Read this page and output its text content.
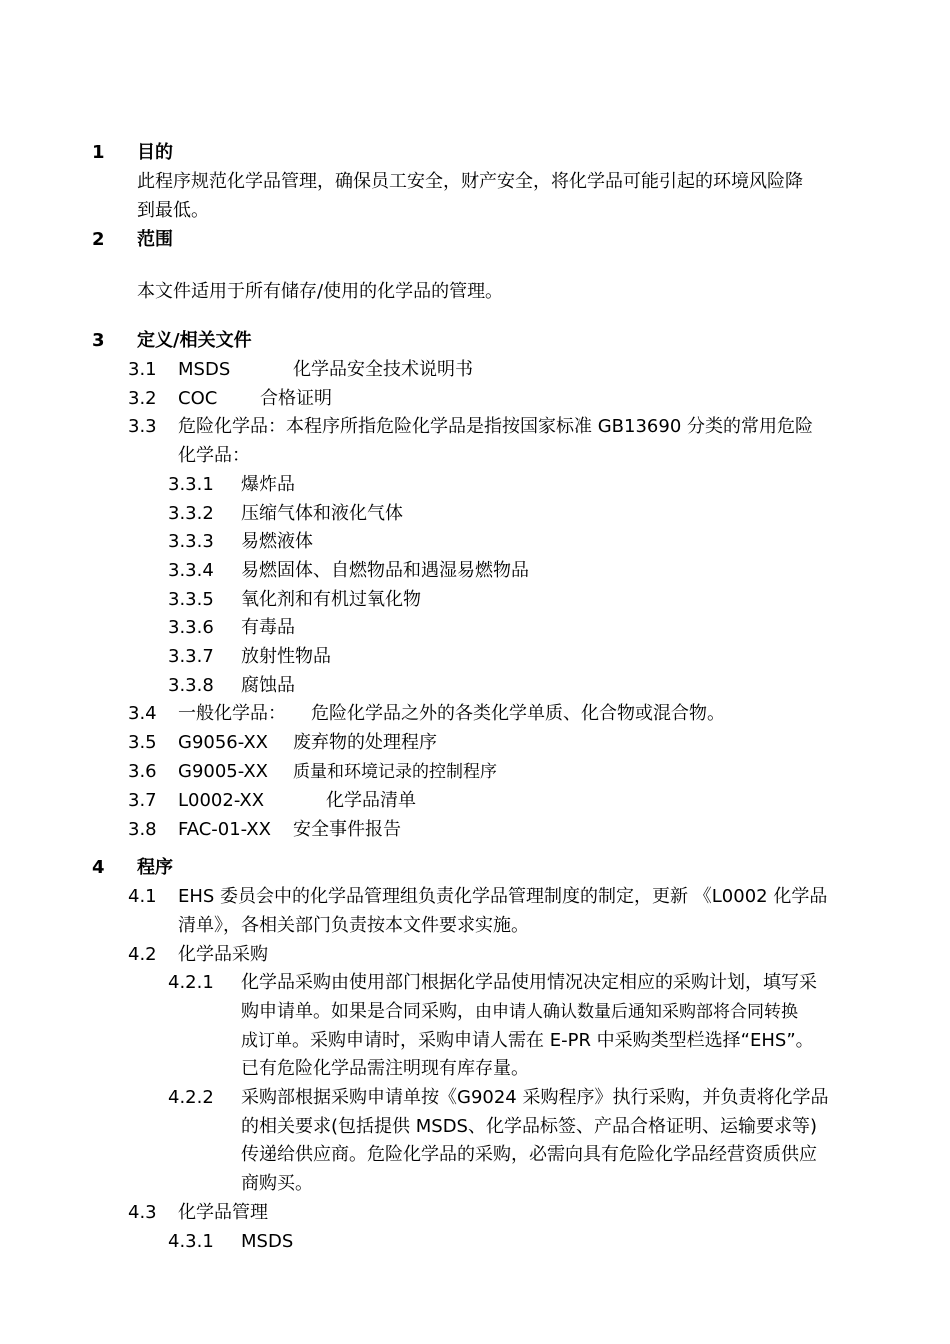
1 目的
此程序规范化学品管理，确保员工安全，财产安全，将化学品可能引起的环境风险降
到最低。
2 范围
本文件适用于所有储存/使用的化学品的管理。
3 定义/相关文件
3.1 MSDS	化学品安全技术说明书
3.2 COC 合格证明
3.3 危险化学品：本程序所指危险化学品是指按国家标准 GB13690 分类的常用危险
化学品：
3.3.1 爆炸品
3.3.2 压缩气体和液化气体
3.3.3 易燃液体
3.3.4 易燃固体、自燃物品和遇湿易燃物品
3.3.5 氧化剂和有机过氧化物
3.3.6 有毒品
3.3.7 放射性物品
3.3.8 腐蚀品
3.4 一般化学品： 危险化学品之外的各类化学单质、化合物或混合物。
3.5 G9056-XX 废弃物的处理程序
3.6 G9005-XX 质量和环境记录的控制程序
3.7 L0002-XX	化学品清单
3.8 FAC-01-XX 安全事件报告
4 程序
4.1 EHS 委员会中的化学品管理组负责化学品管理制度的制定，更新 《L0002 化学品
清单》，各相关部门负责按本文件要求实施。
4.2 化学品采购
4.2.1 化学品采购由使用部门根据化学品使用情况决定相应的采购计划，填写采
购申请单。如果是合同采购，由申请人确认数量后通知采购部将合同转换
成订单。采购申请时，采购申请人需在 E-PR 中采购类型栏选择“EHS”。
已有危险化学品需注明现有库存量。
4.2.2 采购部根据采购申请单按《G9024 采购程序》执行采购，并负责将化学品
的相关要求(包括提供 MSDS、化学品标签、产品合格证明、运输要求等)
传递给供应商。危险化学品的采购，必需向具有危险化学品经营资质供应
商购买。
4.3 化学品管理
4.3.1 MSDS
